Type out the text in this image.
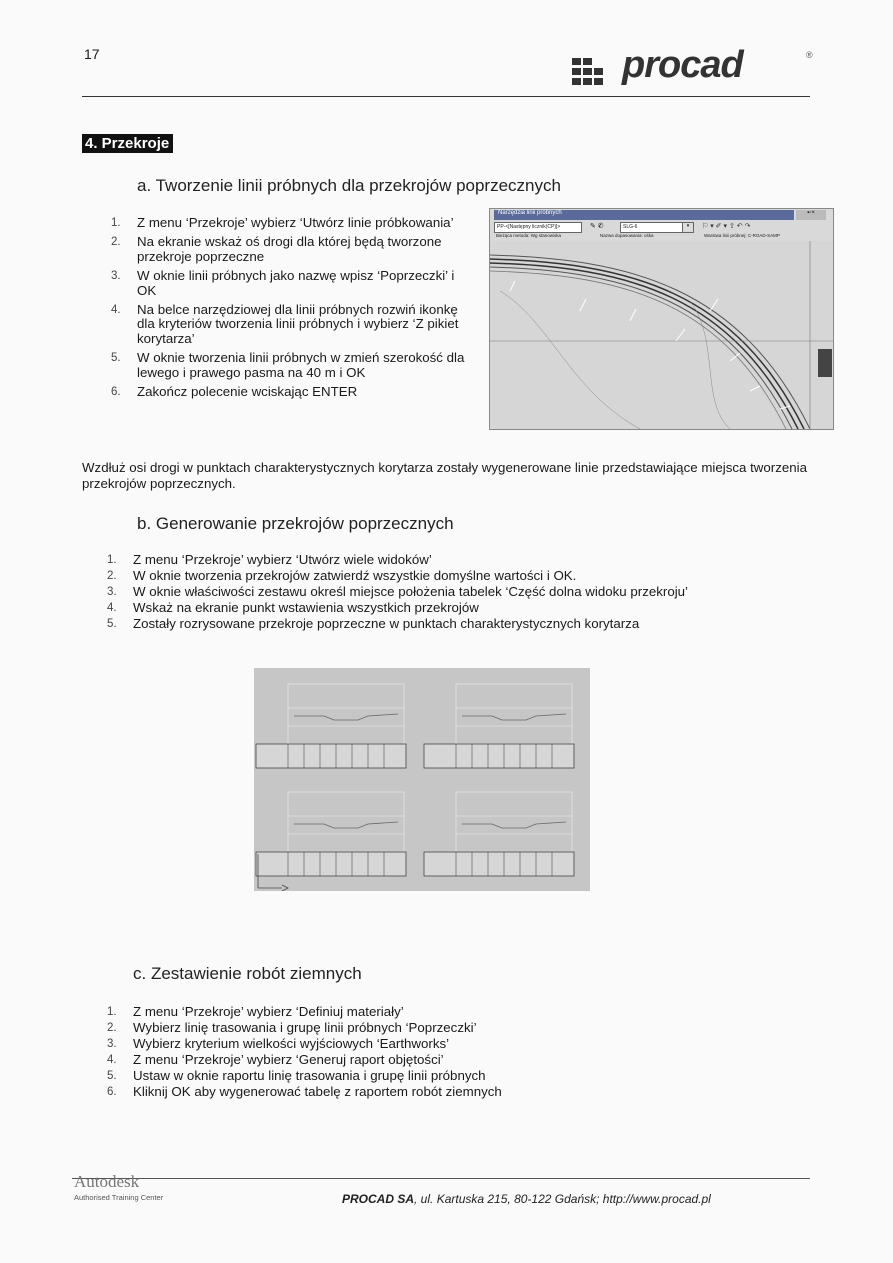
17	procad	®
4. Przekroje
a. Tworzenie linii próbnych dla przekrojów poprzecznych
1. Z menu ‘Przekroje’ wybierz ‘Utwórz linie próbkowania’
2. Na ekranie wskaż oś drogi dla której będą tworzone przekroje poprzeczne
3. W oknie linii próbnych jako nazwę wpisz ‘Poprzeczki’ i OK
4. Na belce narzędziowej dla linii próbnych rozwiń ikonkę dla kryteriów tworzenia linii próbnych i wybierz ‘Z pikiet korytarza’
5. W oknie tworzenia linii próbnych w zmień szerokość dla lewego i prawego pasma na 40 m i OK
6. Zakończ polecenie wciskając ENTER
Narzędzia linii próbnych	▪▫×
PP-<[Następny licznik(CP)]>	✎ ✆	SLG-6	▾	⚐ ▾ ✐ ▾ ⇧ ↶ ↷
Bieżąca metoda: Wg stanowiska	Nazwa dopasowania: ośka	Warstwa linii próbnej: C-ROAD-SAMP
Wzdłuż osi drogi w punktach charakterystycznych korytarza zostały wygenerowane linie przedstawiające miejsca tworzenia przekrojów poprzecznych.
b. Generowanie przekrojów poprzecznych
1. Z menu ‘Przekroje’ wybierz ‘Utwórz wiele widoków’
2. W oknie tworzenia przekrojów zatwierdź wszystkie domyślne wartości i OK.
3. W oknie właściwości zestawu określ miejsce położenia tabelek ‘Część dolna widoku przekroju’
4. Wskaż na ekranie punkt wstawienia wszystkich przekrojów
5. Zostały rozrysowane przekroje poprzeczne w punktach charakterystycznych korytarza
c. Zestawienie robót ziemnych
1. Z menu ‘Przekroje’ wybierz ‘Definiuj materiały’
2. Wybierz linię trasowania i grupę linii próbnych ‘Poprzeczki’
3. Wybierz kryterium wielkości wyjściowych ‘Earthworks’
4. Z menu ‘Przekroje’ wybierz ‘Generuj raport objętości’
5. Ustaw w oknie raportu linię trasowania i grupę linii próbnych
6. Kliknij OK aby wygenerować tabelę z raportem robót ziemnych
Autodesk
Authorised Training Center	PROCAD SA, ul. Kartuska 215, 80-122 Gdańsk; http://www.procad.pl
